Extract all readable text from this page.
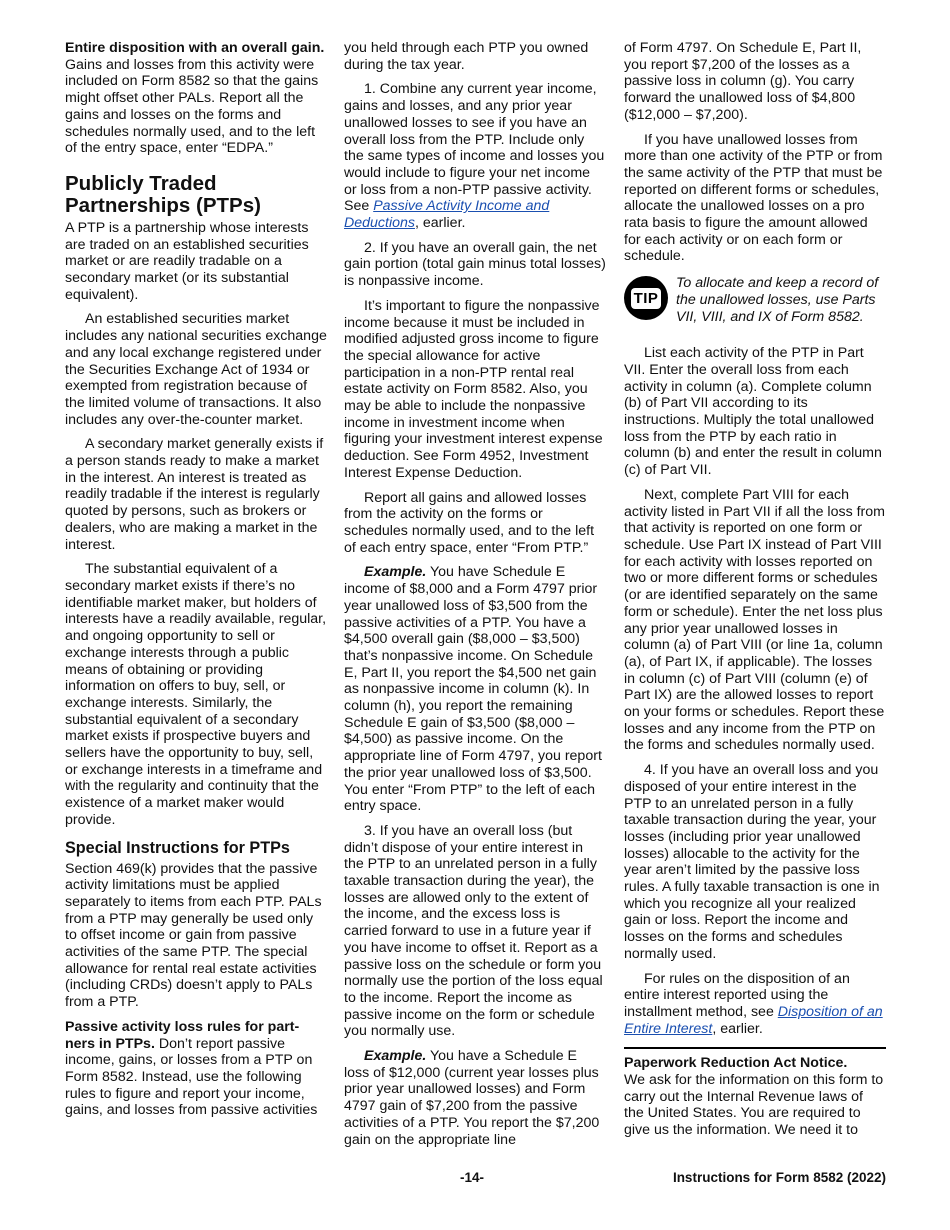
Entire disposition with an overall gain. Gains and losses from this activity were included on Form 8582 so that the gains might offset other PALs. Report all the gains and losses on the forms and schedules normally used, and to the left of the entry space, enter “EDPA.”

Publicly Traded Partnerships (PTPs)

A PTP is a partnership whose interests are traded on an established securities market or are readily tradable on a secondary market (or its substantial equivalent).

An established securities market includes any national securities exchange and any local exchange registered under the Securities Exchange Act of 1934 or exempted from registration because of the limited volume of transactions. It also includes any over-the-counter market.

A secondary market generally exists if a person stands ready to make a market in the interest. An interest is treated as readily tradable if the interest is regularly quoted by persons, such as brokers or dealers, who are making a market in the interest.

The substantial equivalent of a secondary market exists if there’s no identifiable market maker, but holders of interests have a readily available, regular, and ongoing opportunity to sell or exchange interests through a public means of obtaining or providing information on offers to buy, sell, or exchange interests. Similarly, the substantial equivalent of a secondary market exists if prospective buyers and sellers have the opportunity to buy, sell, or exchange interests in a timeframe and with the regularity and continuity that the existence of a market maker would provide.

Special Instructions for PTPs

Section 469(k) provides that the passive activity limitations must be applied separately to items from each PTP. PALs from a PTP may generally be used only to offset income or gain from passive activities of the same PTP. The special allowance for rental real estate activities (including CRDs) doesn’t apply to PALs from a PTP.

Passive activity loss rules for part-ners in PTPs. Don’t report passive income, gains, or losses from a PTP on Form 8582. Instead, use the following rules to figure and report your income, gains, and losses from passive activities

you held through each PTP you owned during the tax year.

1. Combine any current year income, gains and losses, and any prior year unallowed losses to see if you have an overall loss from the PTP. Include only the same types of income and losses you would include to figure your net income or loss from a non-PTP passive activity. See Passive Activity Income and Deductions, earlier.

2. If you have an overall gain, the net gain portion (total gain minus total losses) is nonpassive income.

It’s important to figure the nonpassive income because it must be included in modified adjusted gross income to figure the special allowance for active participation in a non-PTP rental real estate activity on Form 8582. Also, you may be able to include the nonpassive income in investment income when figuring your investment interest expense deduction. See Form 4952, Investment Interest Expense Deduction.

Report all gains and allowed losses from the activity on the forms or schedules normally used, and to the left of each entry space, enter “From PTP.”

Example. You have Schedule E income of $8,000 and a Form 4797 prior year unallowed loss of $3,500 from the passive activities of a PTP. You have a $4,500 overall gain ($8,000 – $3,500) that’s nonpassive income. On Schedule E, Part II, you report the $4,500 net gain as nonpassive income in column (k). In column (h), you report the remaining Schedule E gain of $3,500 ($8,000 – $4,500) as passive income. On the appropriate line of Form 4797, you report the prior year unallowed loss of $3,500. You enter “From PTP” to the left of each entry space.

3. If you have an overall loss (but didn’t dispose of your entire interest in the PTP to an unrelated person in a fully taxable transaction during the year), the losses are allowed only to the extent of the income, and the excess loss is carried forward to use in a future year if you have income to offset it. Report as a passive loss on the schedule or form you normally use the portion of the loss equal to the income. Report the income as passive income on the form or schedule you normally use.

Example. You have a Schedule E loss of $12,000 (current year losses plus prior year unallowed losses) and Form 4797 gain of $7,200 from the passive activities of a PTP. You report the $7,200 gain on the appropriate line

of Form 4797. On Schedule E, Part II, you report $7,200 of the losses as a passive loss in column (g). You carry forward the unallowed loss of $4,800 ($12,000 – $7,200).

If you have unallowed losses from more than one activity of the PTP or from the same activity of the PTP that must be reported on different forms or schedules, allocate the unallowed losses on a pro rata basis to figure the amount allowed for each activity or on each form or schedule.

TIP
To allocate and keep a record of the unallowed losses, use Parts VII, VIII, and IX of Form 8582.

List each activity of the PTP in Part VII. Enter the overall loss from each activity in column (a). Complete column (b) of Part VII according to its instructions. Multiply the total unallowed loss from the PTP by each ratio in column (b) and enter the result in column (c) of Part VII.

Next, complete Part VIII for each activity listed in Part VII if all the loss from that activity is reported on one form or schedule. Use Part IX instead of Part VIII for each activity with losses reported on two or more different forms or schedules (or are identified separately on the same form or schedule). Enter the net loss plus any prior year unallowed losses in column (a) of Part VIII (or line 1a, column (a), of Part IX, if applicable). The losses in column (c) of Part VIII (column (e) of Part IX) are the allowed losses to report on your forms or schedules. Report these losses and any income from the PTP on the forms and schedules normally used.

4. If you have an overall loss and you disposed of your entire interest in the PTP to an unrelated person in a fully taxable transaction during the year, your losses (including prior year unallowed losses) allocable to the activity for the year aren’t limited by the passive loss rules. A fully taxable transaction is one in which you recognize all your realized gain or loss. Report the income and losses on the forms and schedules normally used.

For rules on the disposition of an entire interest reported using the installment method, see Disposition of an Entire Interest, earlier.

Paperwork Reduction Act Notice.
We ask for the information on this form to carry out the Internal Revenue laws of the United States. You are required to give us the information. We need it to

-14-	Instructions for Form 8582 (2022)
